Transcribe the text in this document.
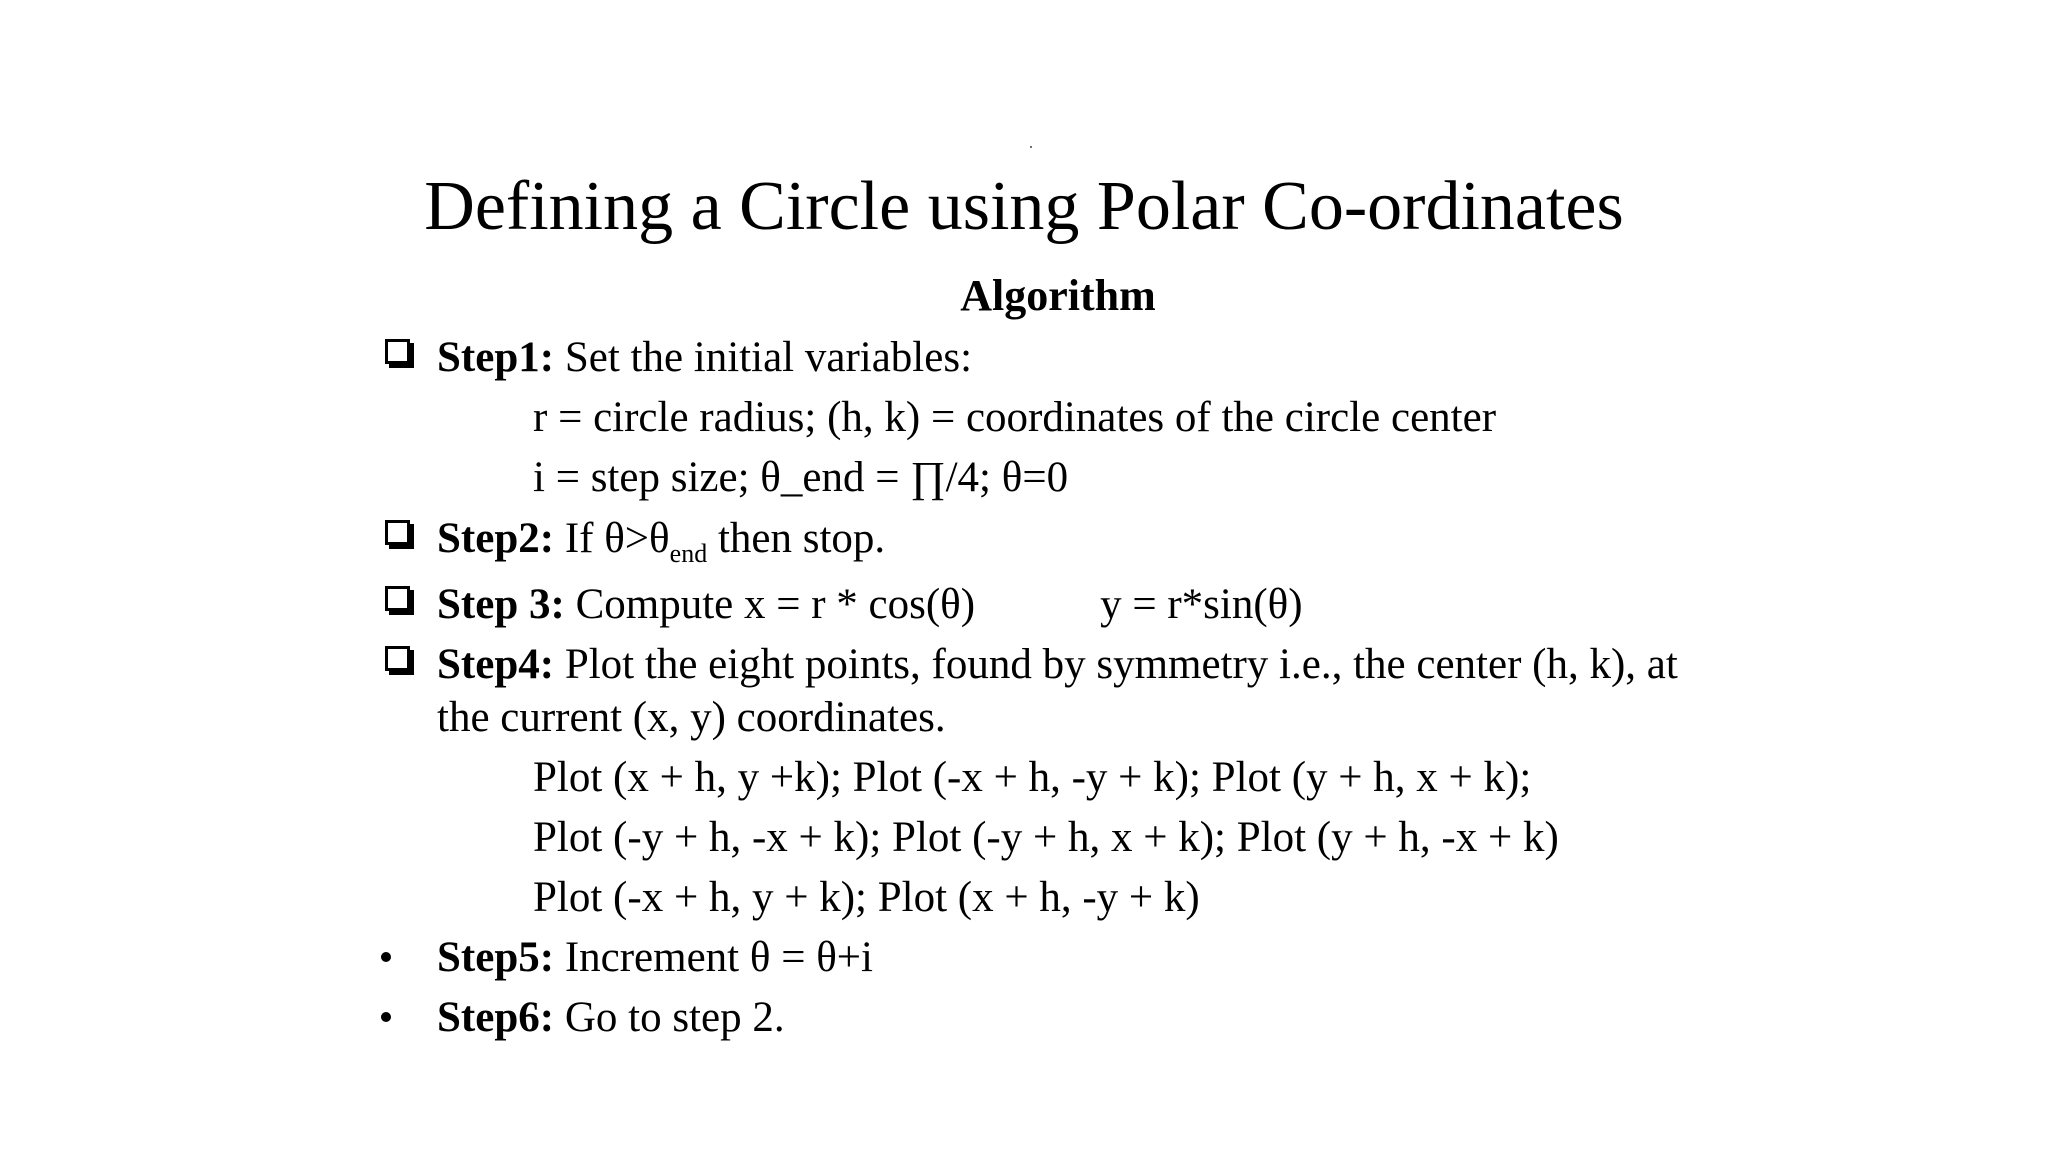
Defining a Circle using Polar Co-ordinates
Algorithm
Step1: Set the initial variables:
r = circle radius; (h, k) = coordinates of the circle center
i = step size; θ_end = ∏/4; θ=0
Step2: If $\theta>\theta_{end}$ then stop.
Step 3: Compute x = r * cos(θ)	y = r*sin(θ)
Step4: Plot the eight points, found by symmetry i.e., the center (h, k), at
the current (x, y) coordinates.
Plot (x + h, y +k); Plot (-x + h, -y + k); Plot (y + h, x + k);
Plot (-y + h, -x + k); Plot (-y + h, x + k); Plot (y + h, -x + k)
Plot (-x + h, y + k); Plot (x + h, -y + k)
Step5: Increment θ = θ+i
Step6: Go to step 2.
